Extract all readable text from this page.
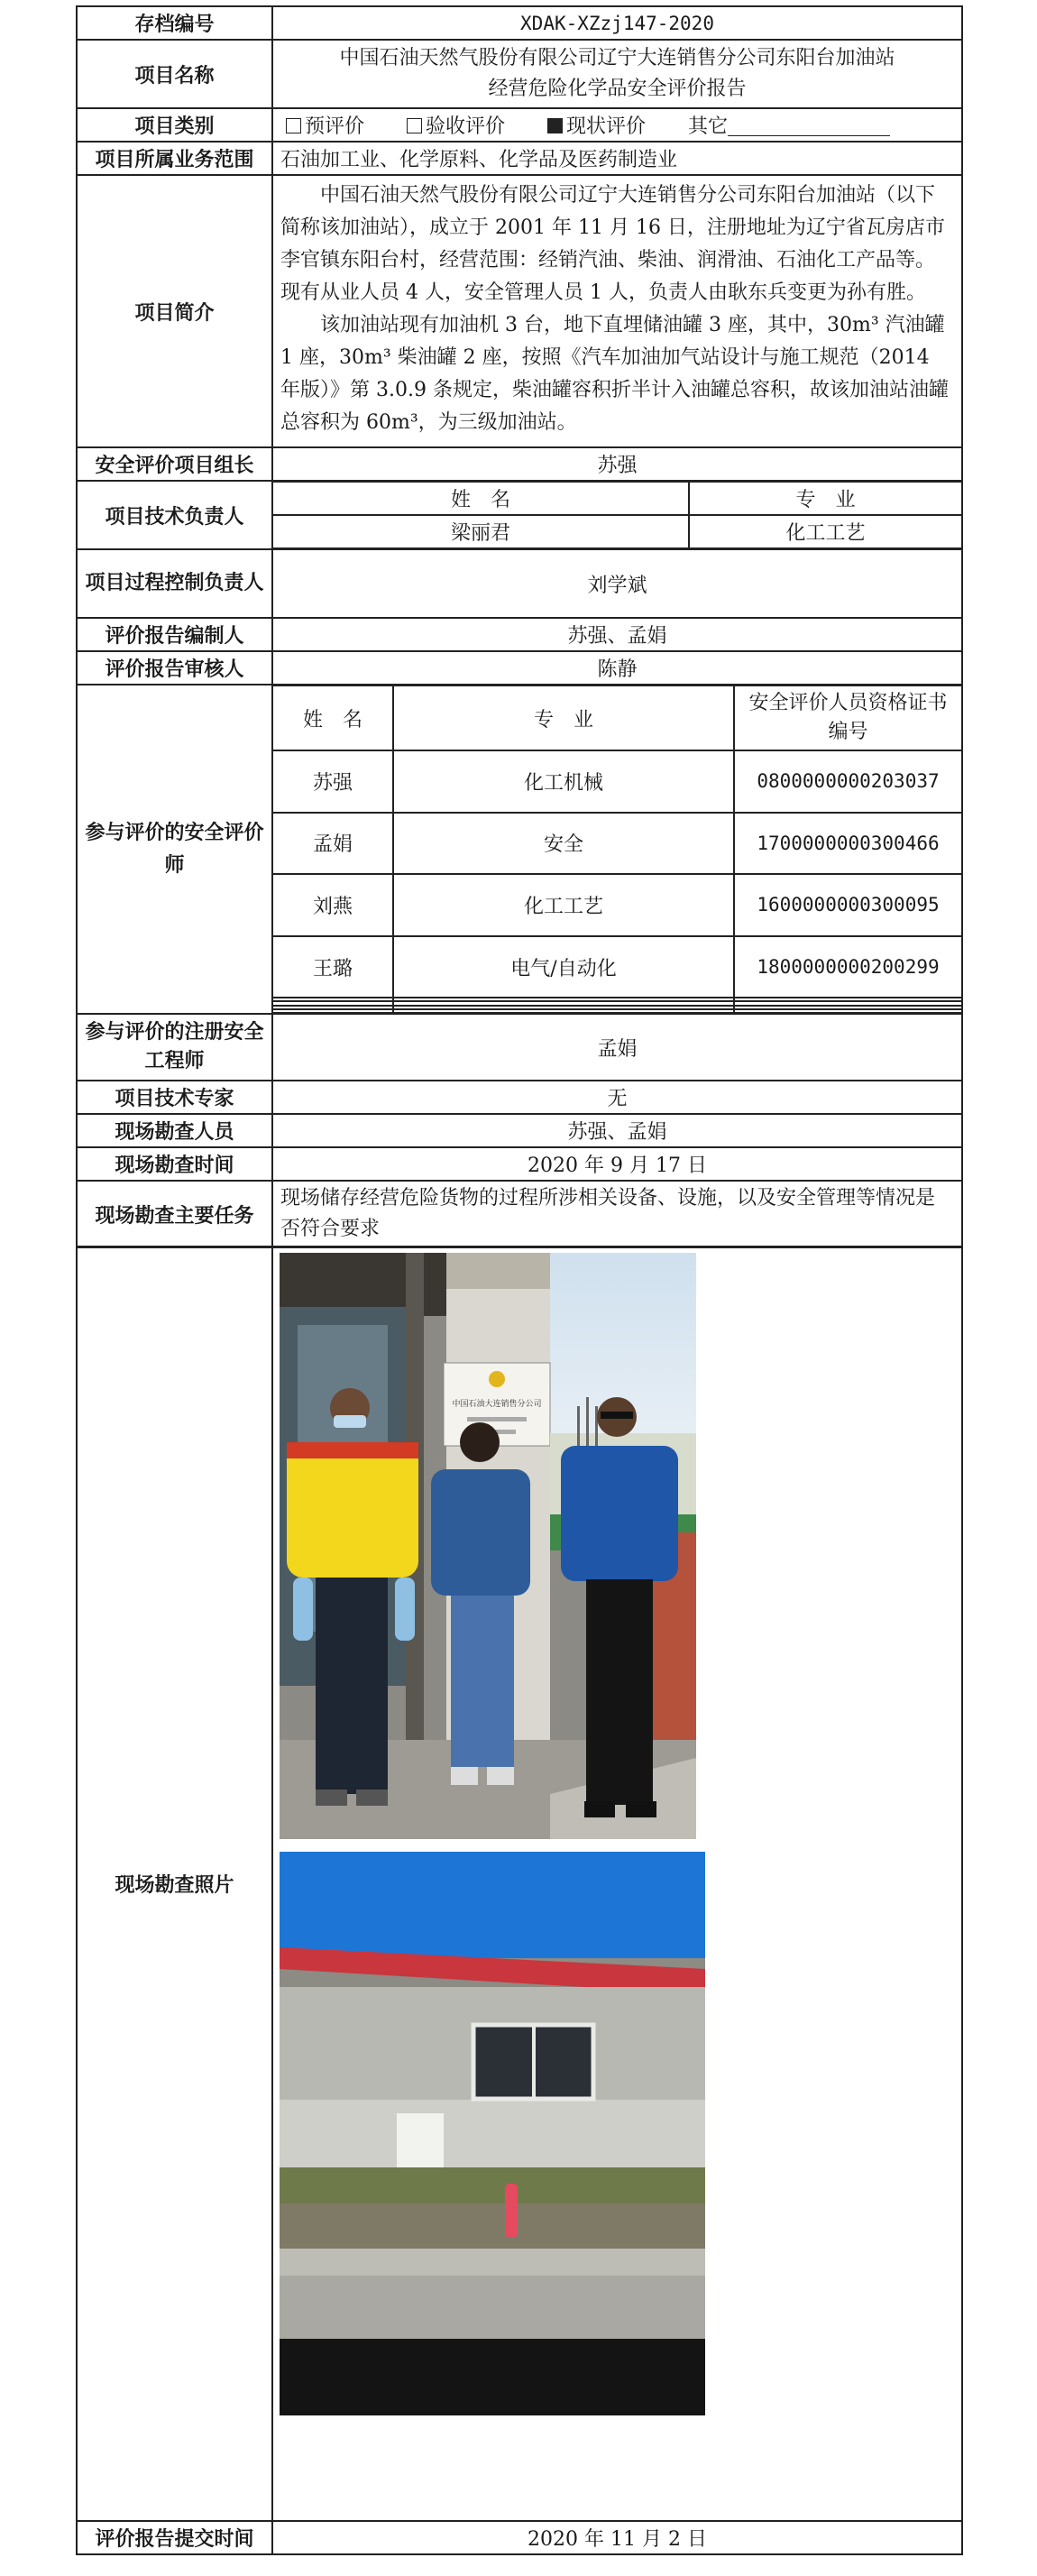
存档编号	XDAK-XZzj147-2020
项目名称	
中国石油天然气股份有限公司辽宁大连销售分公司东阳台加油站
经营危险化学品安全评价报告

项目类别	预评价	验收评价	现状评价 其它
项目所属业务范围	石油加工业、化学原料、化学品及医药制造业
项目简介	

中国石油天然气股份有限公司辽宁大连销售分公司东阳台加油站（以下简称该加油站），成立于 2001 年 11 月 16 日，注册地址为辽宁省瓦房店市李官镇东阳台村，经营范围：经销汽油、柴油、润滑油、石油化工产品等。现有从业人员 4 人，安全管理人员 1 人，负责人由耿东兵变更为孙有胜。

该加油站现有加油机 3 台，地下直埋储油罐 3 座，其中，30m³ 汽油罐 1 座，30m³ 柴油罐 2 座，按照《汽车加油加气站设计与施工规范（2014 年版）》第 3.0.9 条规定，柴油罐容积折半计入油罐总容积，故该加油站油罐总容积为 60m³，为三级加油站。

安全评价项目组长	苏强
项目技术负责人	
姓　名	专　业
梁丽君	化工工艺

项目过程控制负责人	刘学斌
评价报告编制人	苏强、孟娟
评价报告审核人	陈静
参与评价的安全评价师	
姓　名	专　业	安全评价人员资格证书编号
苏强	化工机械	0800000000203037
孟娟	安全	1700000000300466
刘燕	化工工艺	1600000000300095
王璐	电气/自动化	1800000000200299

参与评价的注册安全工程师	孟娟
项目技术专家	无
现场勘查人员	苏强、孟娟
现场勘查时间	2020 年 9 月 17 日
现场勘查主要任务	现场储存经营危险货物的过程所涉相关设备、设施，以及安全管理等情况是否符合要求
现场勘查照片	中国石油大连销售分公司

评价报告提交时间	2020 年 11 月 2 日
